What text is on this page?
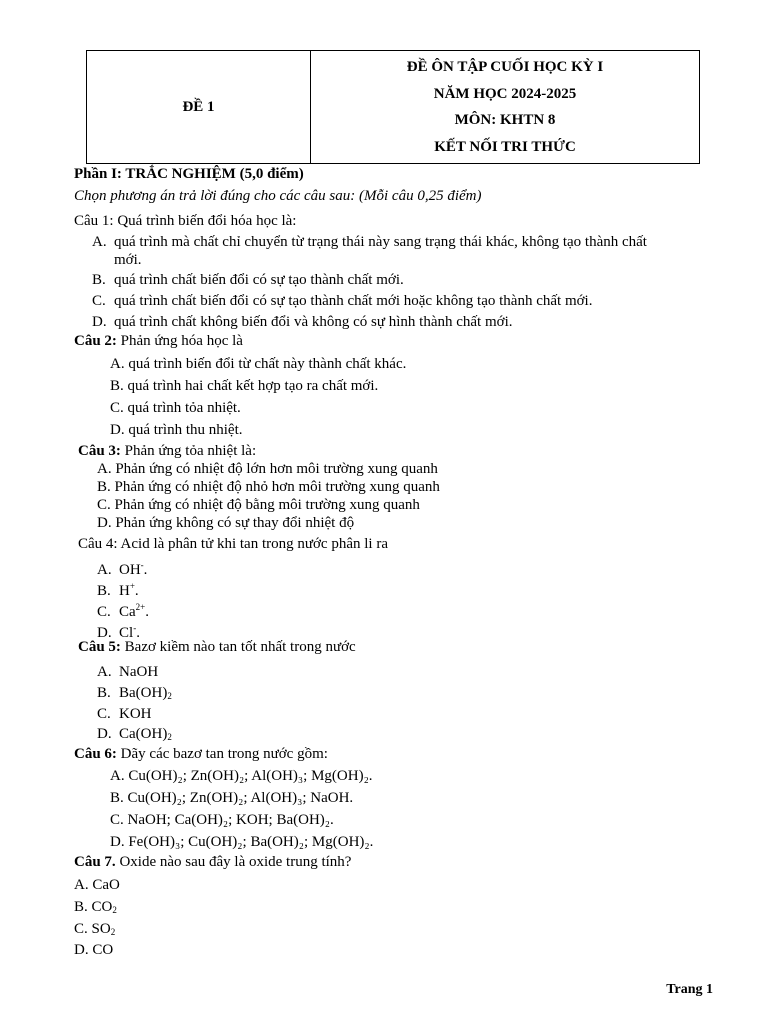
ĐỀ 1
ĐỀ ÔN TẬP CUỐI HỌC KỲ I
NĂM HỌC 2024-2025
MÔN: KHTN 8
KẾT NỐI TRI THỨC
Phần I: TRẮC NGHIỆM (5,0 điểm)
Chọn phương án trả lời đúng cho các câu sau: (Mỗi câu 0,25 điểm)
Câu 1: Quá trình biến đổi hóa học là:
A. quá trình mà chất chỉ chuyển từ trạng thái này sang trạng thái khác, không tạo thành chất
mới.
B. quá trình chất biến đổi có sự tạo thành chất mới.
C. quá trình chất biến đổi có sự tạo thành chất mới hoặc không tạo thành chất mới.
D. quá trình chất không biến đổi và không có sự hình thành chất mới.
Câu 2: Phản ứng hóa học là
A. quá trình biến đổi từ chất này thành chất khác.
B. quá trình hai chất kết hợp tạo ra chất mới.
C. quá trình tỏa nhiệt.
D. quá trình thu nhiệt.
Câu 3: Phản ứng tỏa nhiệt là:
A. Phản ứng có nhiệt độ lớn hơn môi trường xung quanh
B. Phản ứng có nhiệt độ nhỏ hơn môi trường xung quanh
C. Phản ứng có nhiệt độ bằng môi trường xung quanh
D. Phản ứng không có sự thay đổi nhiệt độ
Câu 4: Acid là phân tử khi tan trong nước phân li ra
A. OH-.
B. H+.
C. $Ca^{2+}$.
D. Cl-.
Câu 5: Bazơ kiềm nào tan tốt nhất trong nước
A. NaOH
B. $Ba(OH)_2$
C. KOH
D. $Ca(OH)_2$
Câu 6: Dãy các bazơ tan trong nước gồm:
A. Cu(OH)₂; Zn(OH)₂; Al(OH)₃; Mg(OH)₂.
B. Cu(OH)₂; Zn(OH)₂; Al(OH)₃; NaOH.
C. NaOH; Ca(OH)₂; KOH; Ba(OH)₂.
D. Fe(OH)₃; Cu(OH)₂; Ba(OH)₂; Mg(OH)₂.
Câu 7. Oxide nào sau đây là oxide trung tính?
A. CaO
B. $CO_2$
C. $SO_2$
D. CO
Trang 1
